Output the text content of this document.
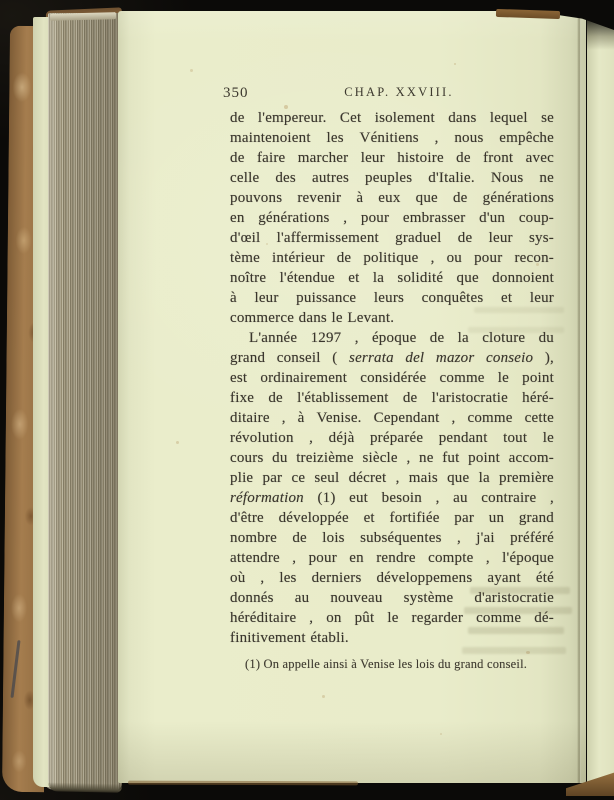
350	CHAP. XXVIII.
de l'empereur. Cet isolement dans lequel se
maintenoient les Vénitiens , nous empêche
de faire marcher leur histoire de front avec
celle des autres peuples d'Italie. Nous ne
pouvons revenir à eux que de générations
en générations , pour embrasser d'un coup-
d'œil l'affermissement graduel de leur sys-
tème intérieur de politique , ou pour recon-
noître l'étendue et la solidité que donnoient
à leur puissance leurs conquêtes et leur
commerce dans le Levant.
L'année 1297 , époque de la cloture du
grand conseil ( serrata del mazor conseio ),
est ordinairement considérée comme le point
fixe de l'établissement de l'aristocratie héré-
ditaire , à Venise. Cependant , comme cette
révolution , déjà préparée pendant tout le
cours du treizième siècle , ne fut point accom-
plie par ce seul décret , mais que la première
réformation (1) eut besoin , au contraire ,
d'être développée et fortifiée par un grand
nombre de lois subséquentes , j'ai préféré
attendre , pour en rendre compte , l'époque
où , les derniers développemens ayant été
donnés au nouveau système d'aristocratie
héréditaire , on pût le regarder comme dé-
finitivement établi.
(1) On appelle ainsi à Venise les lois du grand conseil.
